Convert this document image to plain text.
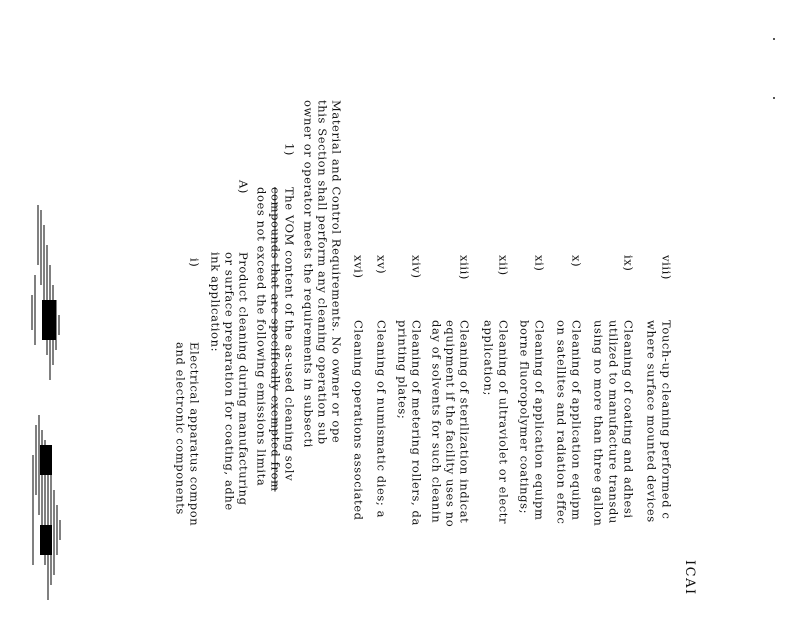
ICAI
viii)
Touch-up cleaning performed c
where surface mounted devices
ix)
Cleaning of coating and adhesi
utilized to manufacture transdu
using no more than three gallon
x)
Cleaning of application equipm
on satellites and radiation effec
xi)
Cleaning of application equipm
borne fluoropolymer coatings;
xii)
Cleaning of ultraviolet or electr
application;
xiii)
Cleaning of sterilization indicat
equipment if the facility uses no
day of solvents for such cleanin
xiv)
Cleaning of metering rollers, da
printing plates;
xv)
Cleaning of numismatic dies; a
xvi)
Cleaning operations associated
Material and Control Requirements. No owner or ope
this Section shall perform any cleaning operation sub
owner or operator meets the requirements in subsecti
1)
The VOM content of the as-used cleaning solv
compounds that are specifically exempted from
does not exceed the following emissions limita
A)
Product cleaning during manufacturing
or surface preparation for coating, adhe
ink application:
i)
Electrical apparatus compon
and electronic components
